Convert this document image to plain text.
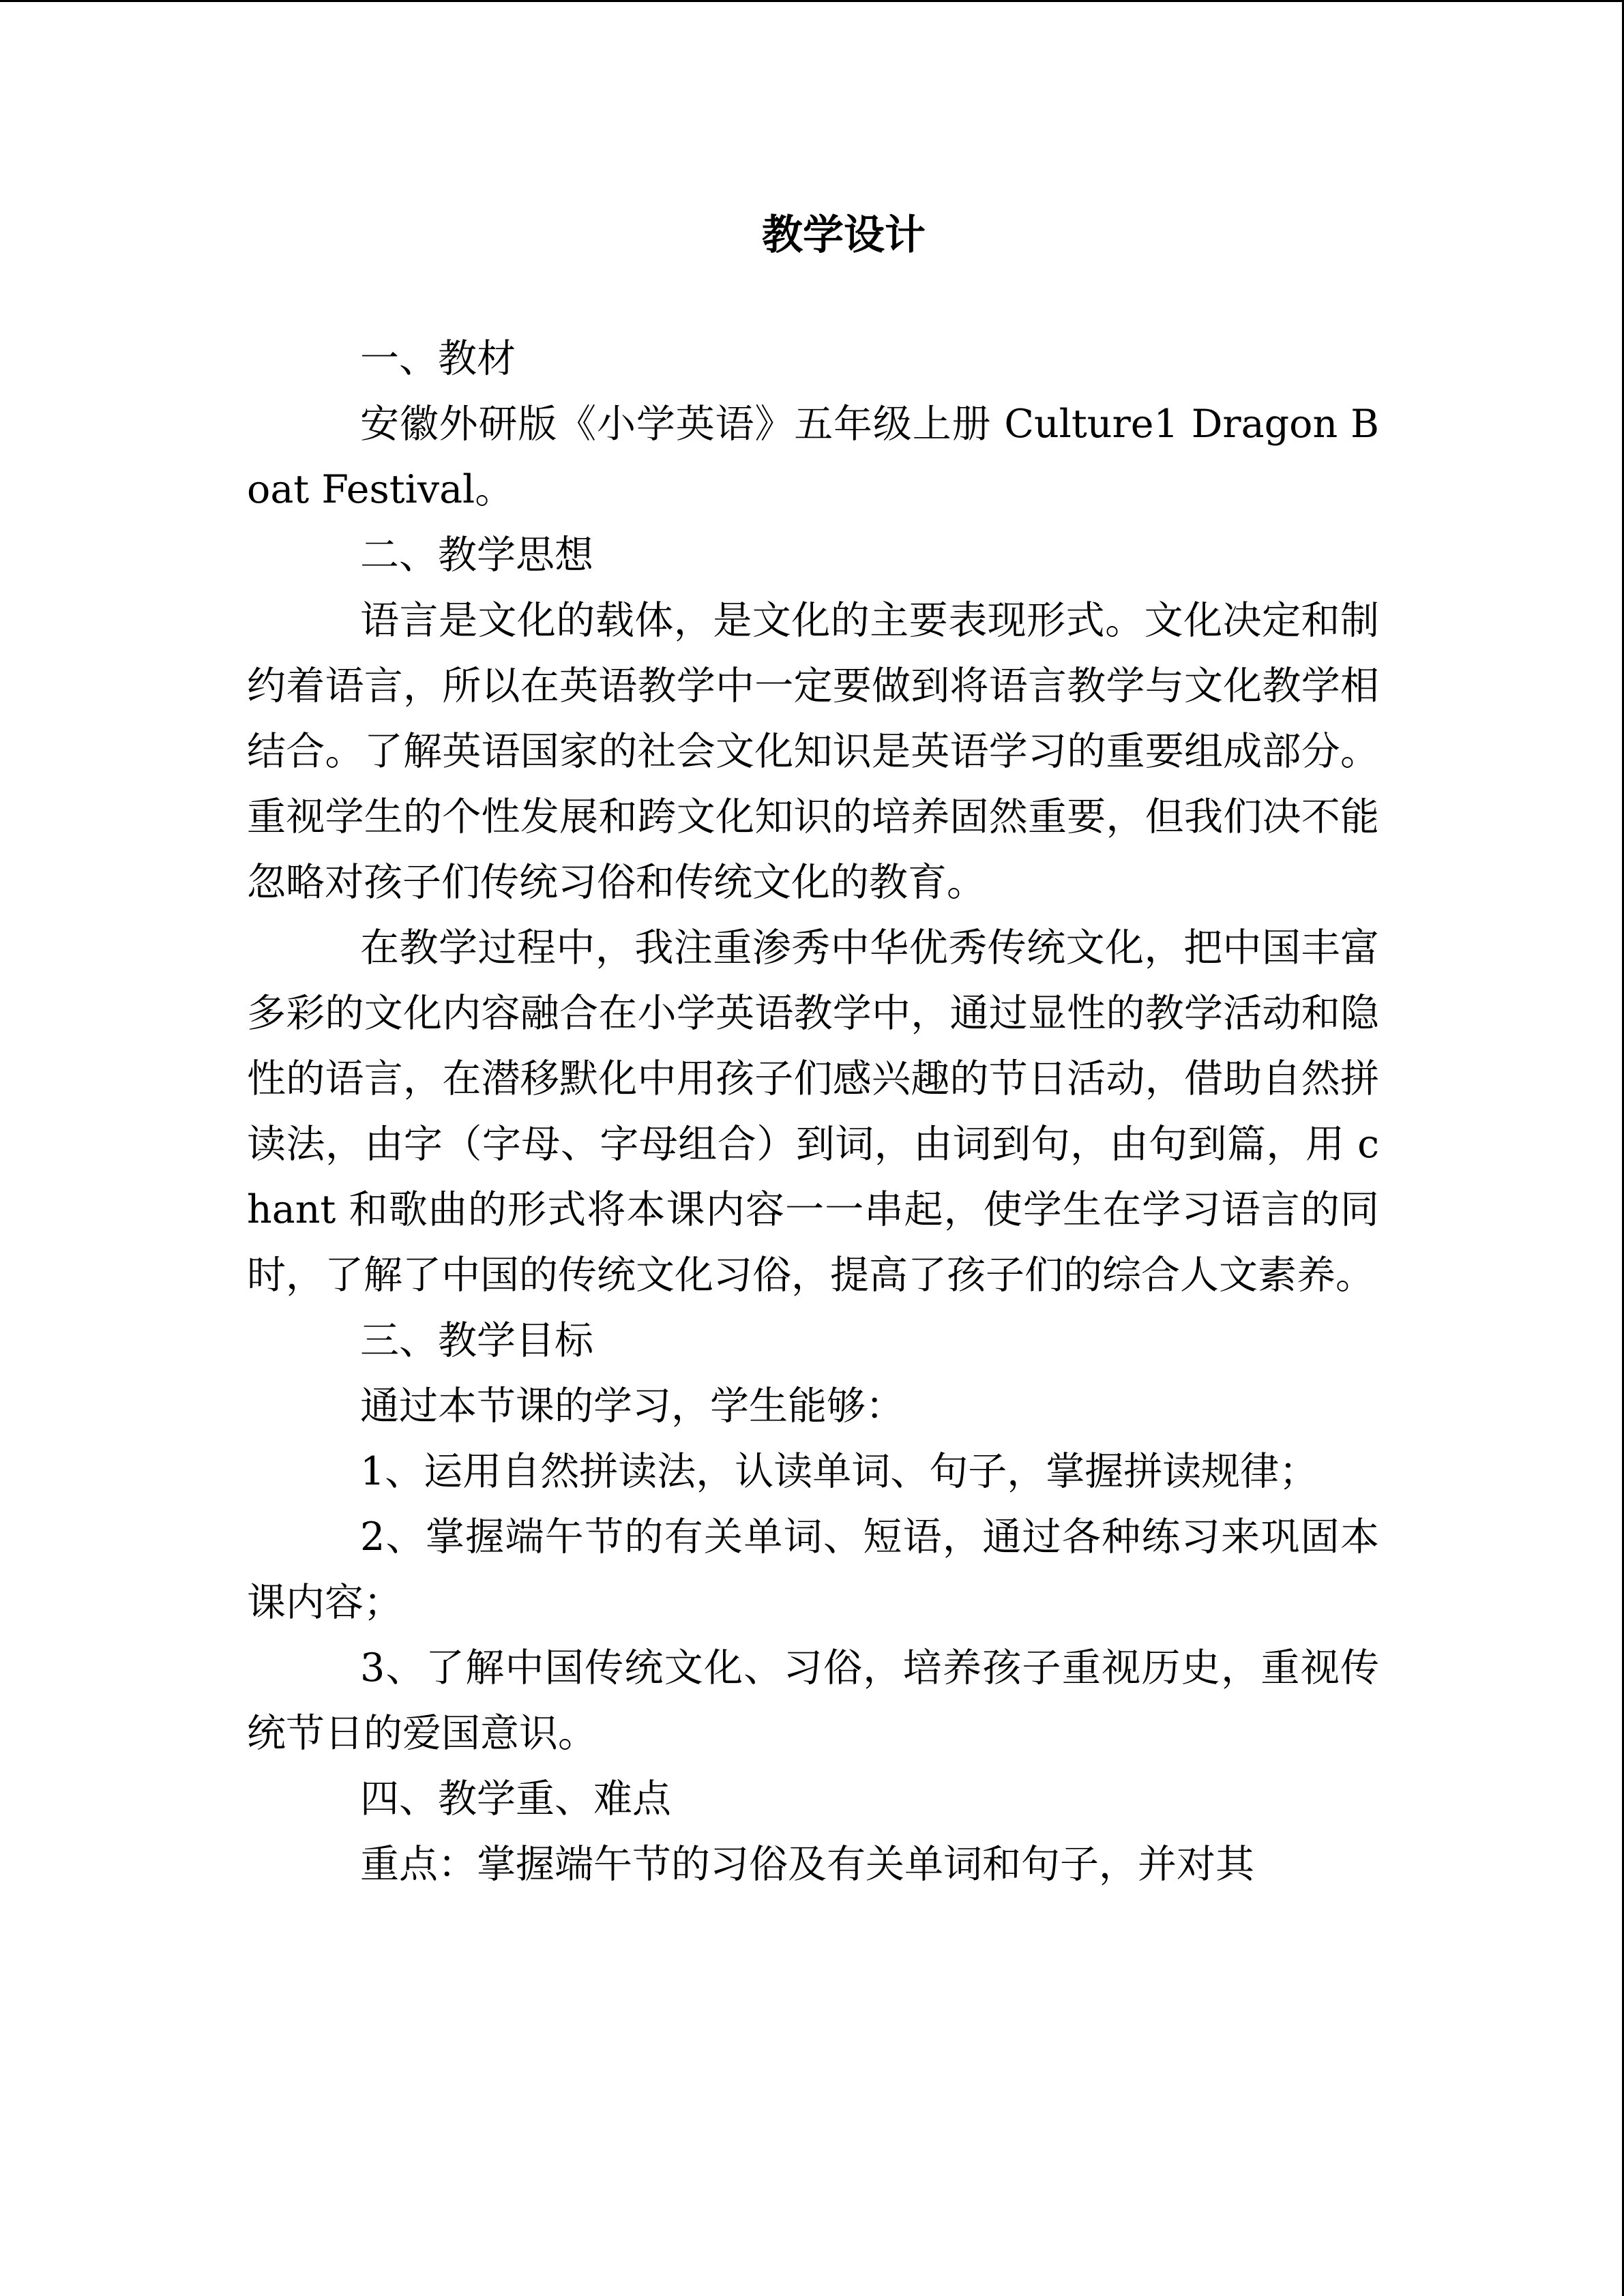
教学设计

一、教材

安徽外研版《小学英语》五年级上册 Culture1 Dragon Boat Festival。

二、教学思想

语言是文化的载体，是文化的主要表现形式。文化决定和制约着语言，所以在英语教学中一定要做到将语言教学与文化教学相结合。了解英语国家的社会文化知识是英语学习的重要组成部分。重视学生的个性发展和跨文化知识的培养固然重要，但我们决不能忽略对孩子们传统习俗和传统文化的教育。

在教学过程中，我注重渗秀中华优秀传统文化，把中国丰富多彩的文化内容融合在小学英语教学中，通过显性的教学活动和隐性的语言，在潜移默化中用孩子们感兴趣的节日活动，借助自然拼读法，由字（字母、字母组合）到词，由词到句，由句到篇，用 chant 和歌曲的形式将本课内容一一串起，使学生在学习语言的同时，了解了中国的传统文化习俗，提高了孩子们的综合人文素养。

三、教学目标

通过本节课的学习，学生能够：

1、运用自然拼读法，认读单词、句子，掌握拼读规律；

2、掌握端午节的有关单词、短语，通过各种练习来巩固本课内容；

3、了解中国传统文化、习俗，培养孩子重视历史，重视传统节日的爱国意识。

四、教学重、难点

重点：掌握端午节的习俗及有关单词和句子，并对其
